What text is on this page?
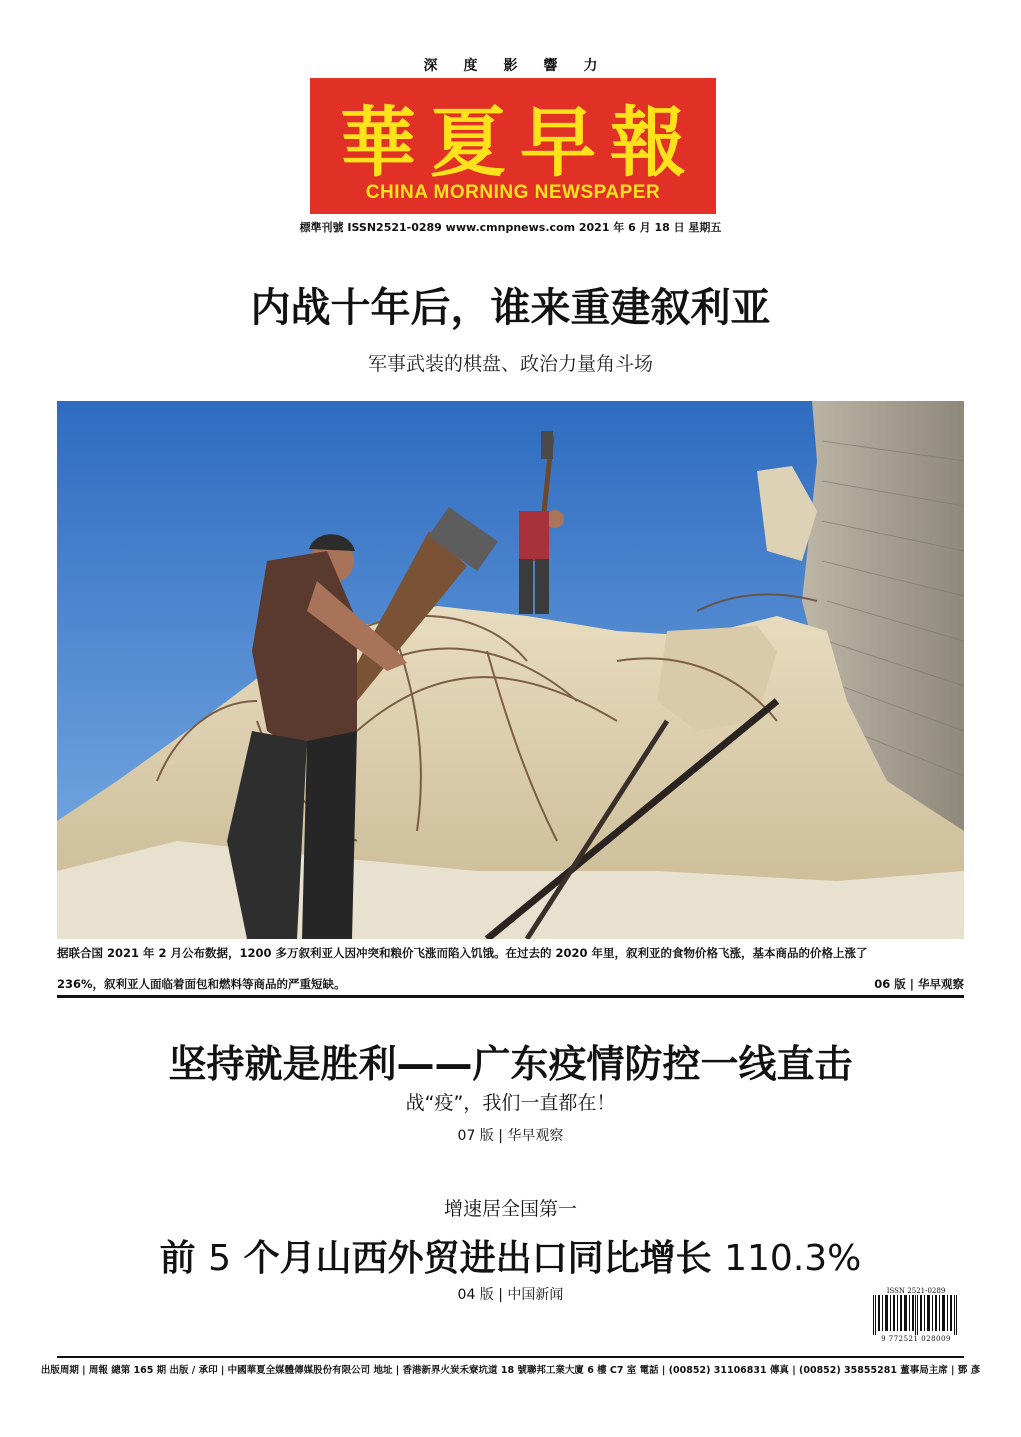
深度影響力
華夏早報
CHINA MORNING NEWSPAPER
標準刊號 ISSN2521-0289 www.cmnpnews.com 2021 年 6 月 18 日 星期五
内战十年后，谁来重建叙利亚
军事武装的棋盘、政治力量角斗场
据联合国 2021 年 2 月公布数据，1200 多万叙利亚人因冲突和粮价飞涨而陷入饥饿。在过去的 2020 年里，叙利亚的食物价格飞涨，基本商品的价格上涨了
236%，叙利亚人面临着面包和燃料等商品的严重短缺。	06 版 | 华早观察
坚持就是胜利——广东疫情防控一线直击
战“疫”，我们一直都在！
07 版 | 华早观察
增速居全国第一
前 5 个月山西外贸进出口同比增长 110.3%
04 版 | 中国新闻	ISSN 2521-0289
9 772521 028009
出版周期 | 周報 總第 165 期 出版 / 承印 | 中國華夏全媒體傳媒股份有限公司 地址 | 香港新界火炭禾寮坑道 18 號聯邦工業大廈 6 樓 C7 室 電話 | (00852) 31106831 傳真 | (00852) 35855281 董事局主席 | 鄧 彥
